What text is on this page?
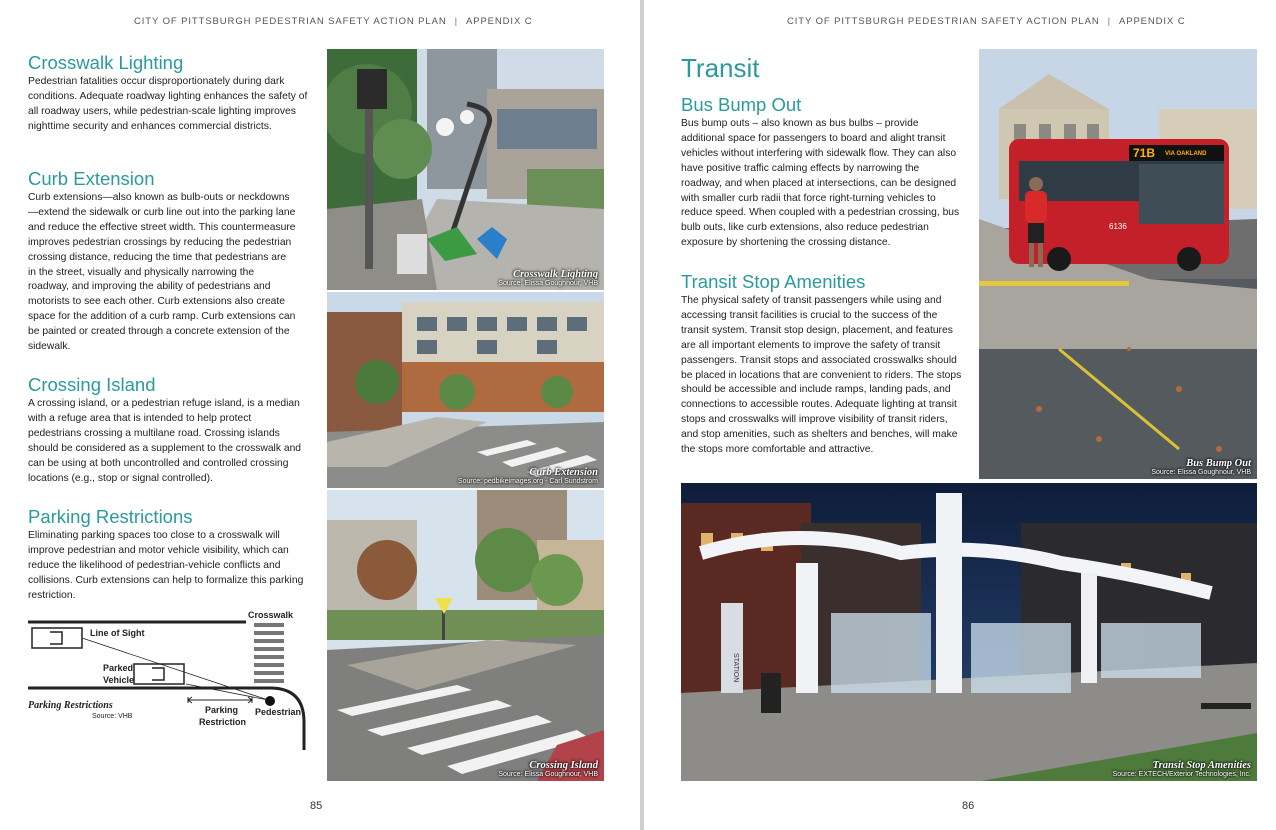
CITY OF PITTSBURGH PEDESTRIAN SAFETY ACTION PLAN | APPENDIX C
Crosswalk Lighting

Pedestrian fatalities occur disproportionately during dark conditions. Adequate roadway lighting enhances the safety of all roadway users, while pedestrian-scale lighting improves nighttime security and enhances commercial districts.

Curb Extension

Curb extensions—also known as bulb-outs or neckdowns—extend the sidewalk or curb line out into the parking lane and reduce the effective street width. This countermeasure improves pedestrian crossings by reducing the pedestrian crossing distance, reducing the time that pedestrians are in the street, visually and physically narrowing the roadway, and improving the ability of pedestrians and motorists to see each other. Curb extensions also create space for the addition of a curb ramp. Curb extensions can be painted or created through a concrete extension of the sidewalk.

Crossing Island

A crossing island, or a pedestrian refuge island, is a median with a refuge area that is intended to help protect pedestrians crossing a multilane road. Crossing islands should be considered as a supplement to the crosswalk and can be using at both uncontrolled and controlled crossing locations (e.g., stop or signal controlled).

Parking Restrictions

Eliminating parking spaces too close to a crosswalk will improve pedestrian and motor vehicle visibility, which can reduce the likelihood of pedestrian-vehicle conflicts and collisions. Curb extensions can help to formalize this parking restriction.

Crosswalk
Line of Sight
Parked
Vehicle
Pedestrian
Parking
Restriction
Parking Restrictions
Source: VHB
Crosswalk Lighting
Source: Elissa Goughnour, VHB
Curb Extension
Source: pedbikeimages.org - Carl Sundstrom
Crossing Island
Source: Elissa Goughnour, VHB
85
CITY OF PITTSBURGH PEDESTRIAN SAFETY ACTION PLAN | APPENDIX C
Transit
Bus Bump Out

Bus bump outs – also known as bus bulbs – provide additional space for passengers to board and alight transit vehicles without interfering with sidewalk flow. They can also have positive traffic calming effects by narrowing the roadway, and when placed at intersections, can be designed with smaller curb radii that force right-turning vehicles to reduce speed. When coupled with a pedestrian crossing, bus bulb outs, like curb extensions, also reduce pedestrian exposure by shortening the crossing distance.

Transit Stop Amenities

The physical safety of transit passengers while using and accessing transit facilities is crucial to the success of the transit system. Transit stop design, placement, and features are all important elements to improve the safety of transit passengers. Transit stops and associated crosswalks should be placed in locations that are convenient to riders. The stops should be accessible and include ramps, landing pads, and connections to accessible routes. Adequate lighting at transit stops and crosswalks will improve visibility of transit riders, and stop amenities, such as shelters and benches, will make the stops more comfortable and attractive.

71B VIA OAKLAND
6136
Bus Bump Out
Source: Elissa Goughnour, VHB
STATION
Transit Stop Amenities
Source: EXTECH/Exterior Technologies, Inc.
86
